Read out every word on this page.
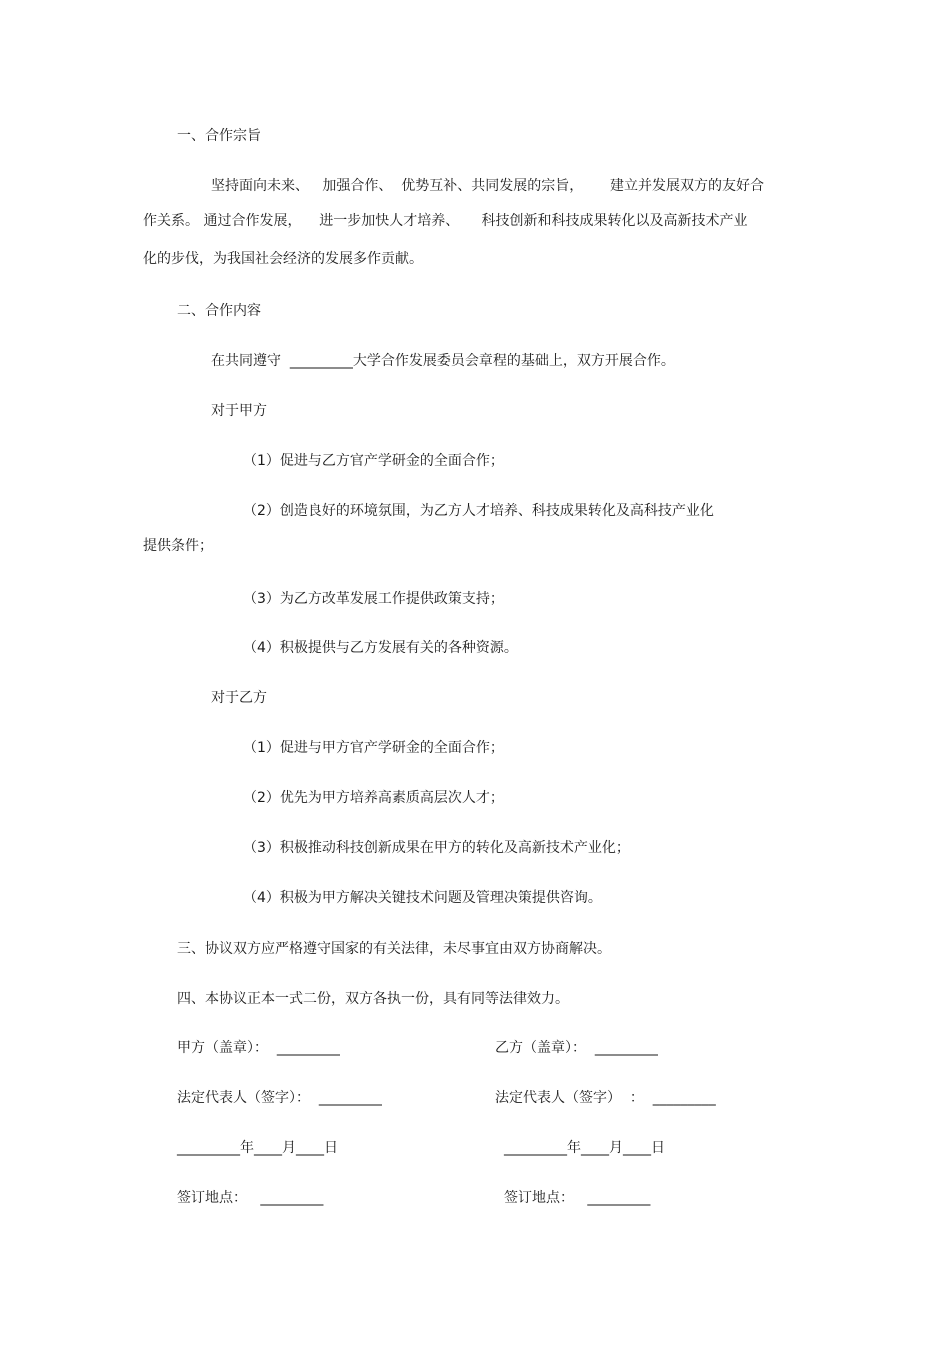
一、合作宗旨

坚持面向未来、   加强合作、  优势互补、共同发展的宗旨，      建立并发展双方的友好合

作关系。 通过合作发展，    进一步加快人才培养、     科技创新和科技成果转化以及高新技术产业

化的步伐，为我国社会经济的发展多作贡献。

二、合作内容

在共同遵守  _________大学合作发展委员会章程的基础上，双方开展合作。

对于甲方

（1）促进与乙方官产学研金的全面合作；

（2）创造良好的环境氛围，为乙方人才培养、科技成果转化及高科技产业化

提供条件；

（3）为乙方改革发展工作提供政策支持；

（4）积极提供与乙方发展有关的各种资源。

对于乙方

（1）促进与甲方官产学研金的全面合作；

（2）优先为甲方培养高素质高层次人才；

（3）积极推动科技创新成果在甲方的转化及高新技术产业化；

（4）积极为甲方解决关键技术问题及管理决策提供咨询。

三、协议双方应严格遵守国家的有关法律，未尽事宜由双方协商解决。

四、本协议正本一式二份，双方各执一份，具有同等法律效力。

甲方（盖章）：  _________	乙方（盖章）：  _________

法定代表人（签字）：  _________	法定代表人（签字）  ：  _________

_________年____月____日	_________年____月____日

签订地点：   _________	签订地点：   _________
